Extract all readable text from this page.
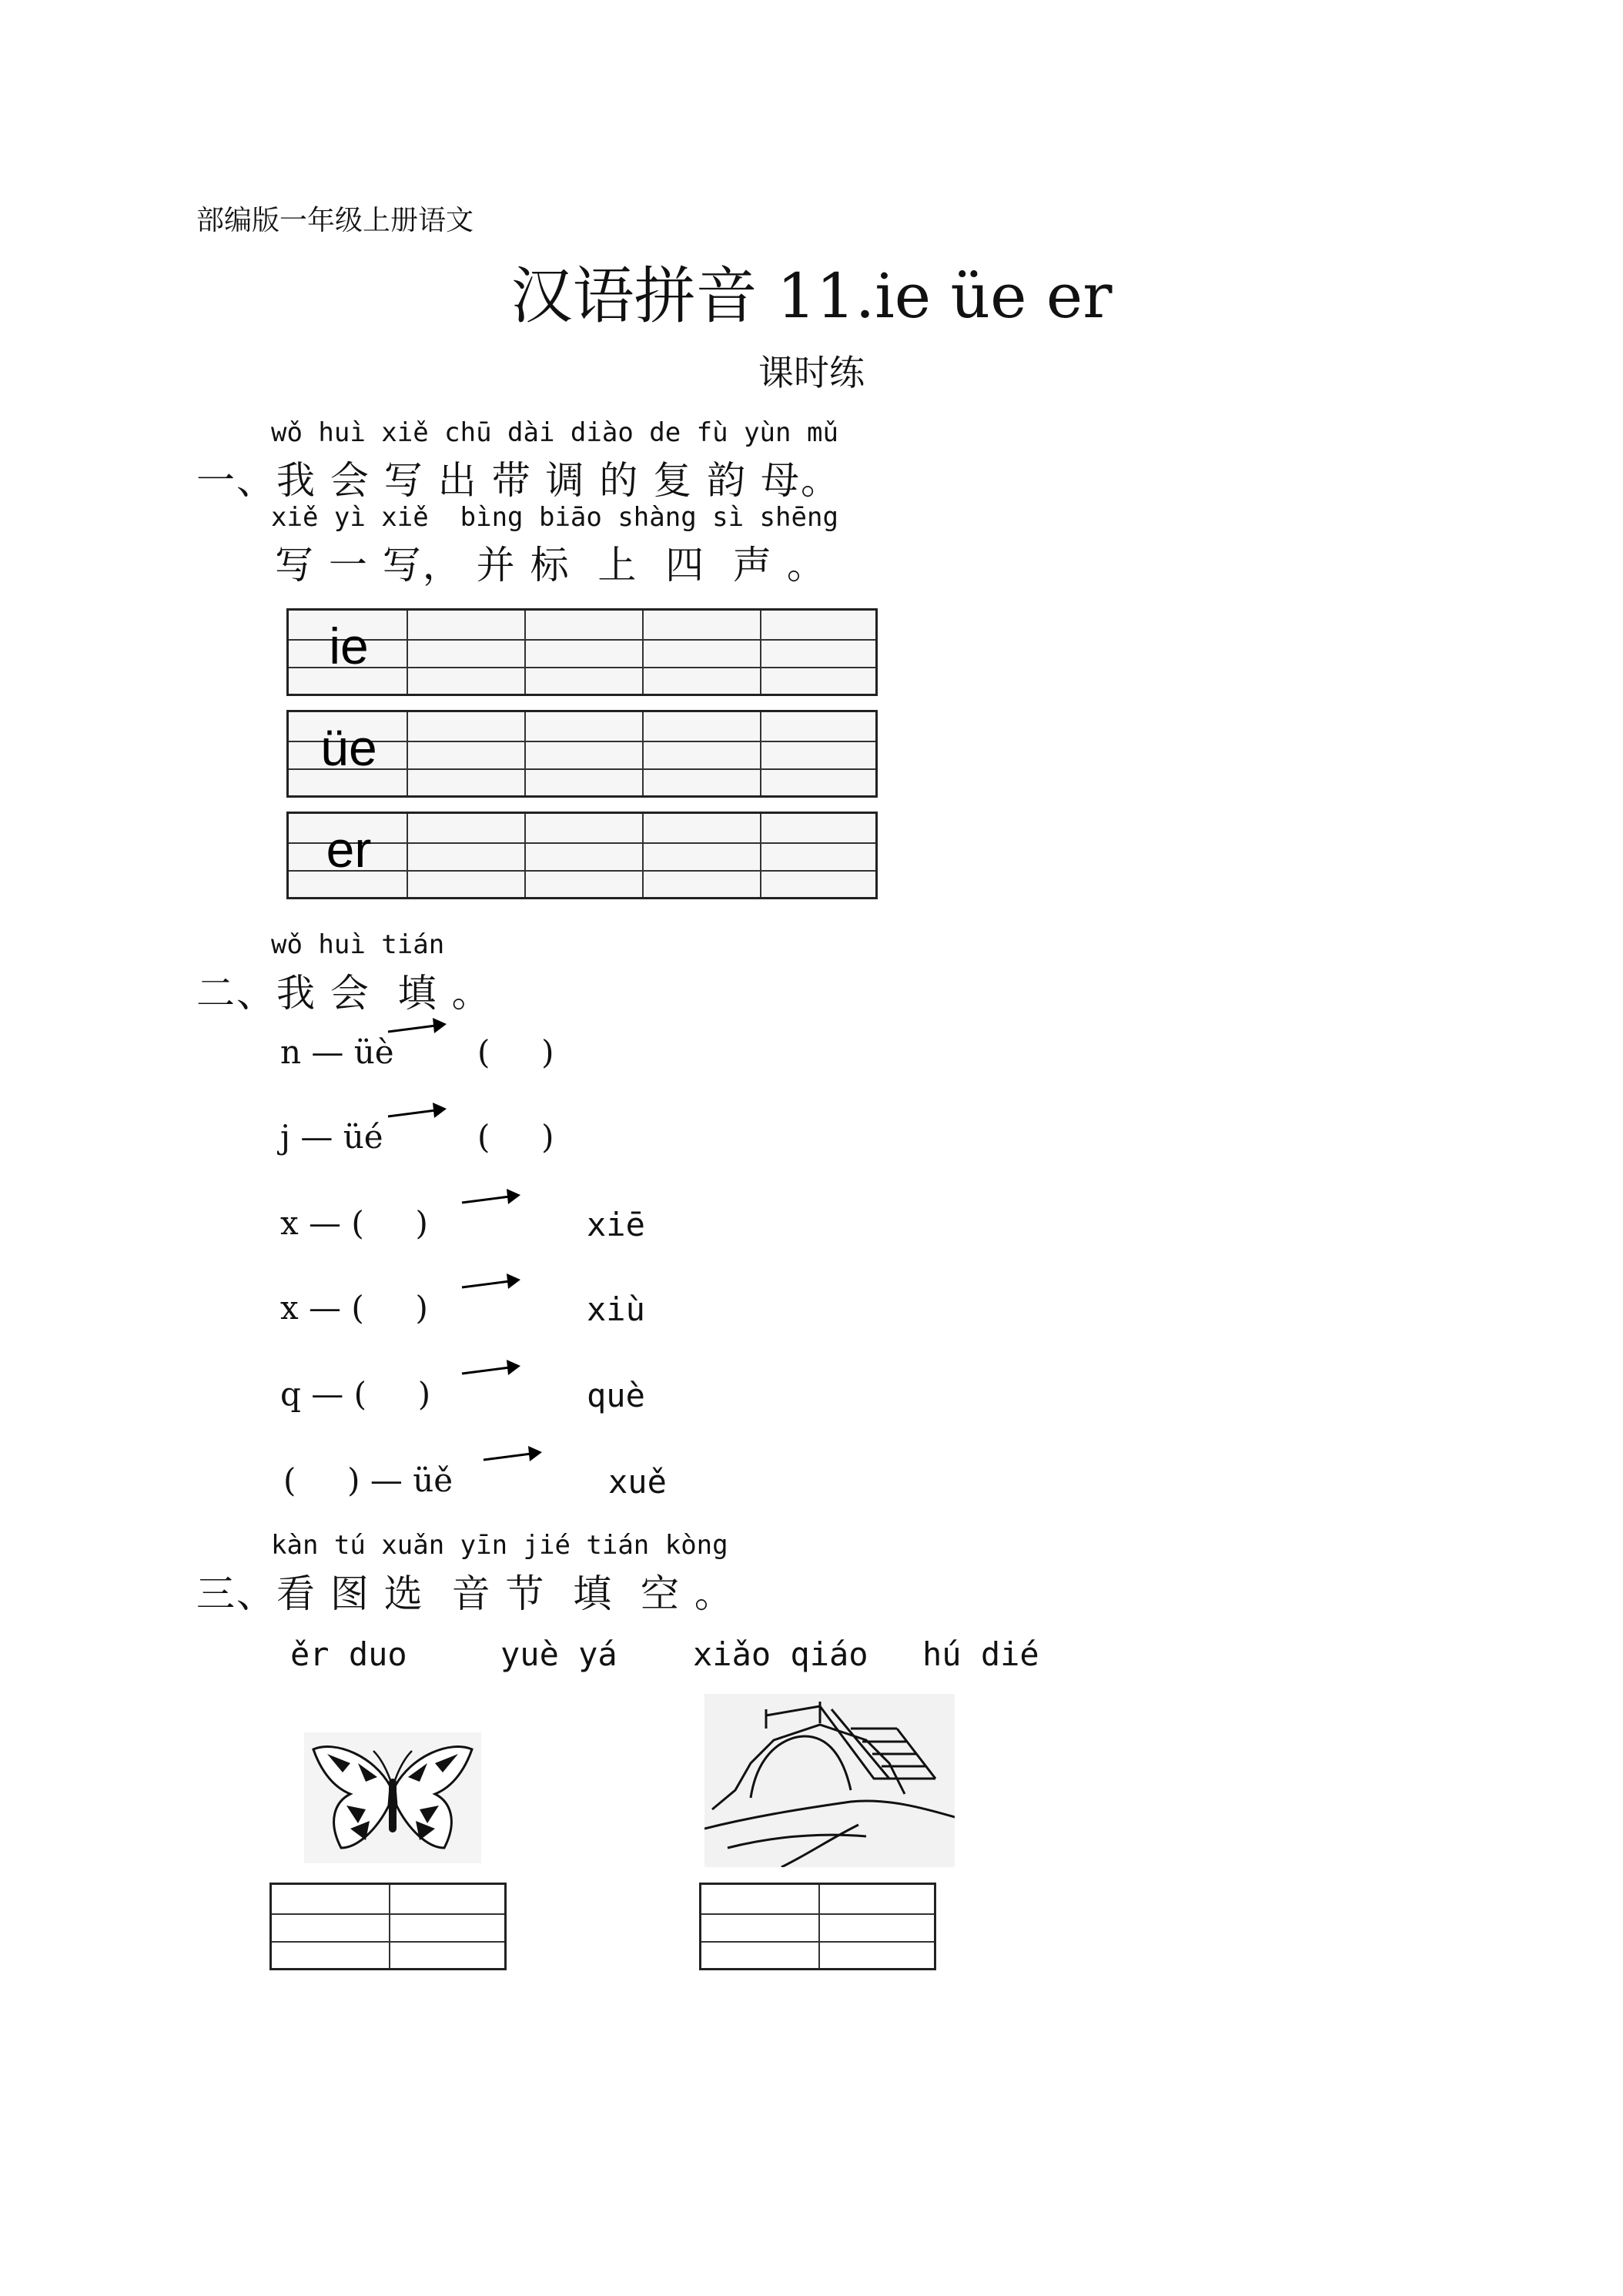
部编版一年级上册语文
汉语拼音 11.ie üe er
课时练
wǒ huì xiě chū dài diào de fù yùn mǔ
一、我 会 写 出 带 调 的 复 韵 母。
xiě yì xiě  bìng biāo shàng sì shēng
写 一 写， 并 标  上  四  声 。
ie
üe
er
wǒ huì tián
二、我 会  填 。
n — üè	(     )
j — üé	(     )
x — (     )	xiē
x — (     )	xiù
q — (     )	què
(     ) — üě	xuě
kàn tú xuǎn yīn jié tián kòng
三、看 图 选  音 节  填  空 。
ěr duo	yuè yá xiǎo qiáo hú dié
